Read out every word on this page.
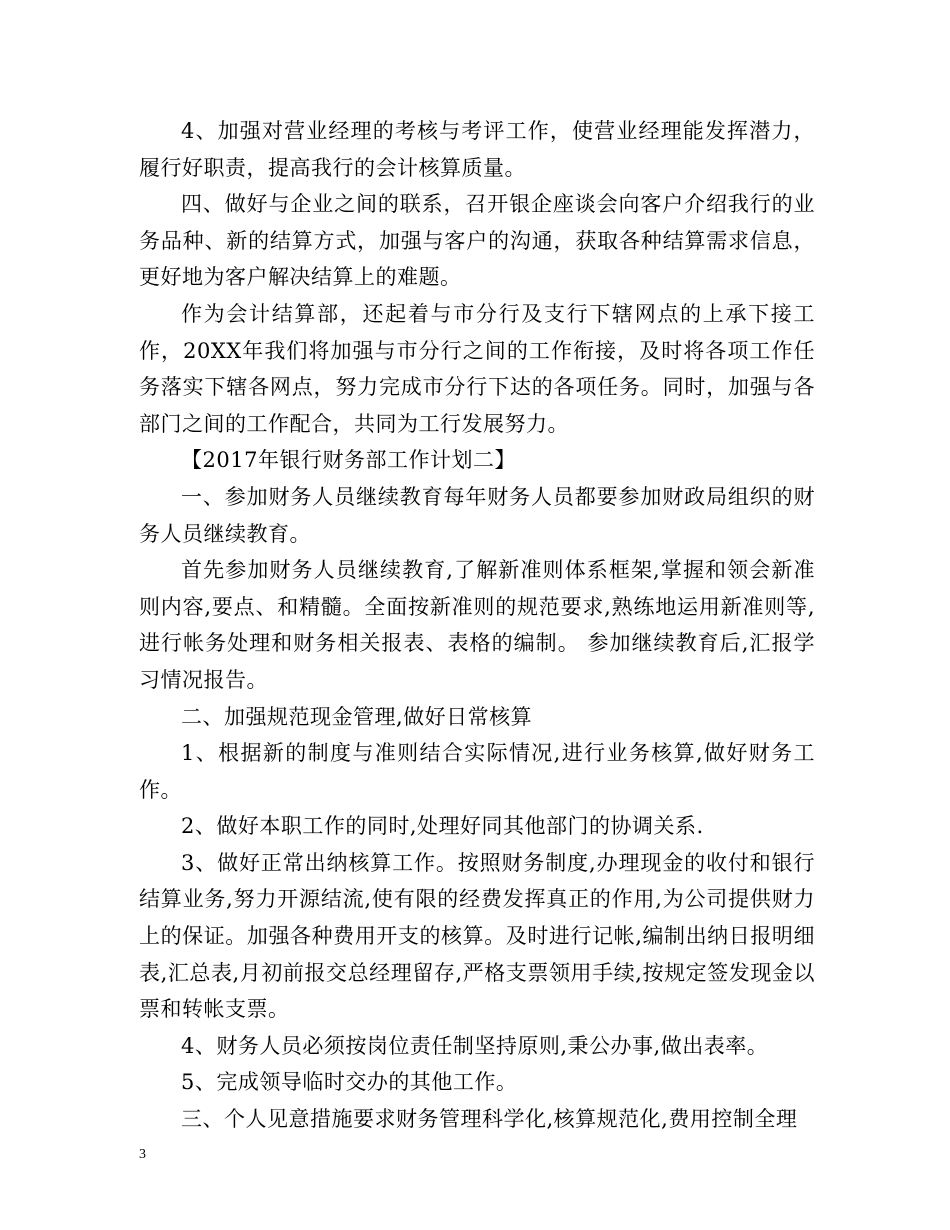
4、加强对营业经理的考核与考评工作，使营业经理能发挥潜力，履行好职责，提高我行的会计核算质量。

四、做好与企业之间的联系，召开银企座谈会向客户介绍我行的业务品种、新的结算方式，加强与客户的沟通，获取各种结算需求信息，更好地为客户解决结算上的难题。

作为会计结算部，还起着与市分行及支行下辖网点的上承下接工作，20XX年我们将加强与市分行之间的工作衔接，及时将各项工作任务落实下辖各网点，努力完成市分行下达的各项任务。同时，加强与各部门之间的工作配合，共同为工行发展努力。

【2017年银行财务部工作计划二】

一、参加财务人员继续教育每年财务人员都要参加财政局组织的财务人员继续教育。

首先参加财务人员继续教育,了解新准则体系框架,掌握和领会新准则内容,要点、和精髓。全面按新准则的规范要求,熟练地运用新准则等,进行帐务处理和财务相关报表、表格的编制。 参加继续教育后,汇报学习情况报告。

二、加强规范现金管理,做好日常核算

1、根据新的制度与准则结合实际情况,进行业务核算,做好财务工作。

2、做好本职工作的同时,处理好同其他部门的协调关系.

3、做好正常出纳核算工作。按照财务制度,办理现金的收付和银行结算业务,努力开源结流,使有限的经费发挥真正的作用,为公司提供财力上的保证。加强各种费用开支的核算。及时进行记帐,编制出纳日报明细表,汇总表,月初前报交总经理留存,严格支票领用手续,按规定签发现金以票和转帐支票。

4、财务人员必须按岗位责任制坚持原则,秉公办事,做出表率。

5、完成领导临时交办的其他工作。

三、个人见意措施要求财务管理科学化,核算规范化,费用控制全理

3
